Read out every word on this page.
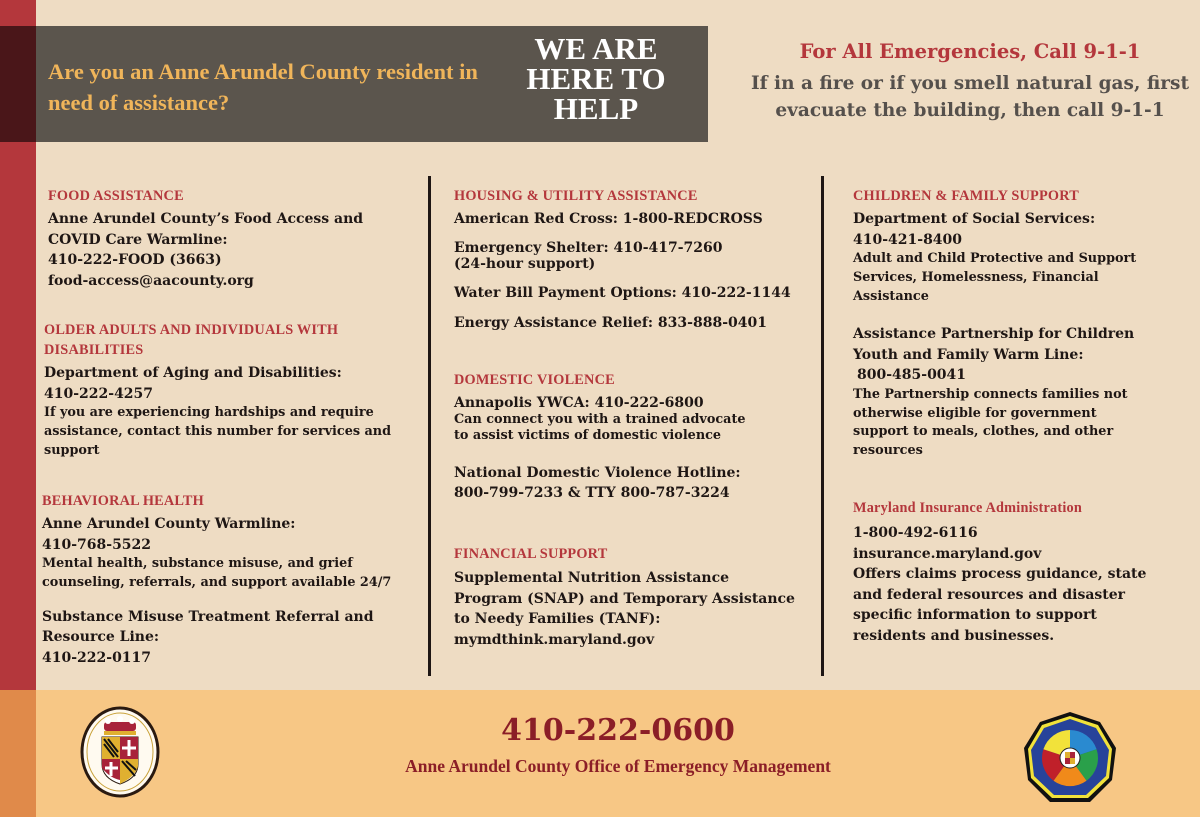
Are you an Anne Arundel County resident in need of assistance?
WE ARE
HERE TO
HELP
For All Emergencies, Call 9-1-1
If in a fire or if you smell natural gas, first
evacuate the building, then call 9-1-1
FOOD ASSISTANCE
Anne Arundel County’s Food Access and
COVID Care Warmline:
410-222-FOOD (3663)
food-access@aacounty.org
OLDER ADULTS AND INDIVIDUALS WITH
DISABILITIES
Department of Aging and Disabilities:
410-222-4257
If you are experiencing hardships and require
assistance, contact this number for services and
support
BEHAVIORAL HEALTH
Anne Arundel County Warmline:
410-768-5522
Mental health, substance misuse, and grief
counseling, referrals, and support available 24/7
Substance Misuse Treatment Referral and
Resource Line:
410-222-0117
HOUSING & UTILITY ASSISTANCE
American Red Cross: 1-800-REDCROSS
Emergency Shelter: 410-417-7260
(24-hour support)
Water Bill Payment Options: 410-222-1144
Energy Assistance Relief: 833-888-0401
DOMESTIC VIOLENCE
Annapolis YWCA: 410-222-6800
Can connect you with a trained advocate
to assist victims of domestic violence
National Domestic Violence Hotline:
800-799-7233 & TTY 800-787-3224
FINANCIAL SUPPORT
Supplemental Nutrition Assistance
Program (SNAP) and Temporary Assistance
to Needy Families (TANF):
mymdthink.maryland.gov
CHILDREN & FAMILY SUPPORT
Department of Social Services:
410-421-8400
Adult and Child Protective and Support
Services, Homelessness, Financial
Assistance
Assistance Partnership for Children
Youth and Family Warm Line:
800-485-0041
The Partnership connects families not
otherwise eligible for government
support to meals, clothes, and other
resources
Maryland Insurance Administration
1-800-492-6116
insurance.maryland.gov
Offers claims process guidance, state
and federal resources and disaster
specific information to support
residents and businesses.
410-222-0600
Anne Arundel County Office of Emergency Management
